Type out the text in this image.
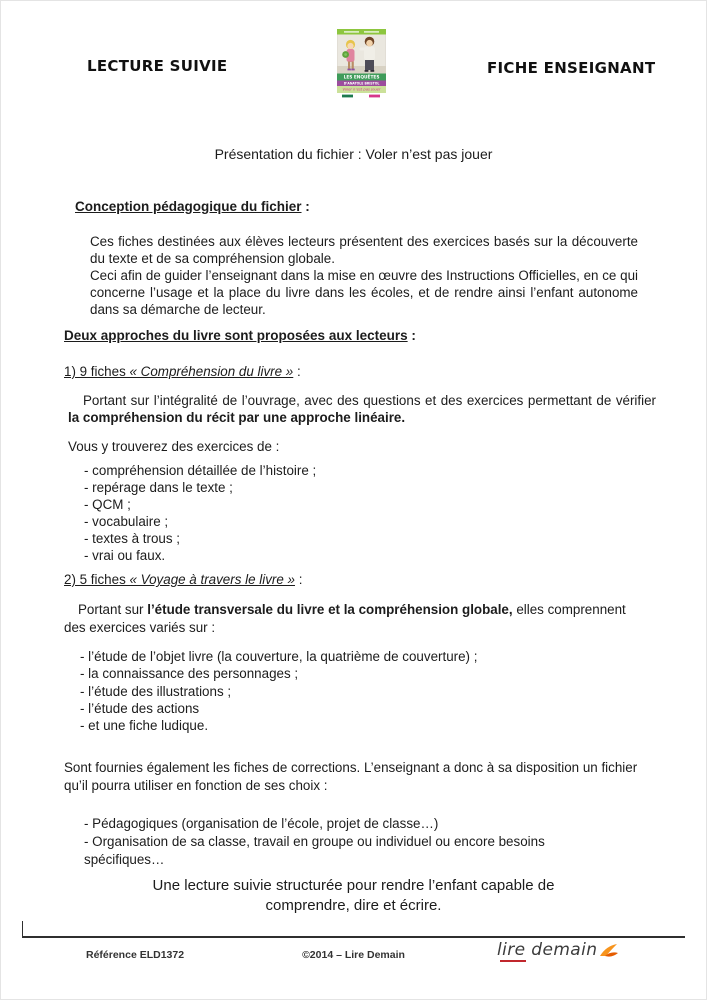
LECTURE SUIVIE
LES ENQUÊTES
D’ANATOLE BRISTOL
Voler n’est pas jouer
FICHE ENSEIGNANT
Présentation du fichier : Voler n’est pas jouer
Conception pédagogique du fichier :

Ces fiches destinées aux élèves lecteurs présentent des exercices basés sur la découverte du texte et de sa compréhension globale.

Ceci afin de guider l’enseignant dans la mise en œuvre des Instructions Officielles, en ce qui concerne l’usage et la place du livre dans les écoles, et de rendre ainsi l’enfant autonome dans sa démarche de lecteur.

Deux approches du livre sont proposées aux lecteurs :
1) 9 fiches « Compréhension du livre » :
Portant sur l’intégralité de l’ouvrage, avec des questions et des exercices permettant de vérifier la compréhension du récit par une approche linéaire.
Vous y trouverez des exercices de :
- compréhension détaillée de l’histoire ;
- repérage dans le texte ;
- QCM ;
- vocabulaire ;
- textes à trous ;
- vrai ou faux.
2) 5 fiches « Voyage à travers le livre » :
Portant sur l’étude transversale du livre et la compréhension globale, elles comprennent des exercices variés sur :
- l’étude de l’objet livre (la couverture, la quatrième de couverture) ;
- la connaissance des personnages ;
- l’étude des illustrations ;
- l’étude des actions
- et une fiche ludique.
Sont fournies également les fiches de corrections. L’enseignant a donc à sa disposition un fichier qu’il pourra utiliser en fonction de ses choix :
- Pédagogiques (organisation de l’école, projet de classe…)
- Organisation de sa classe, travail en groupe ou individuel ou encore besoins spécifiques…
Une lecture suivie structurée pour rendre l’enfant capable de comprendre, dire et écrire.
Référence ELD1372	©2014 – Lire Demain	lire demain
